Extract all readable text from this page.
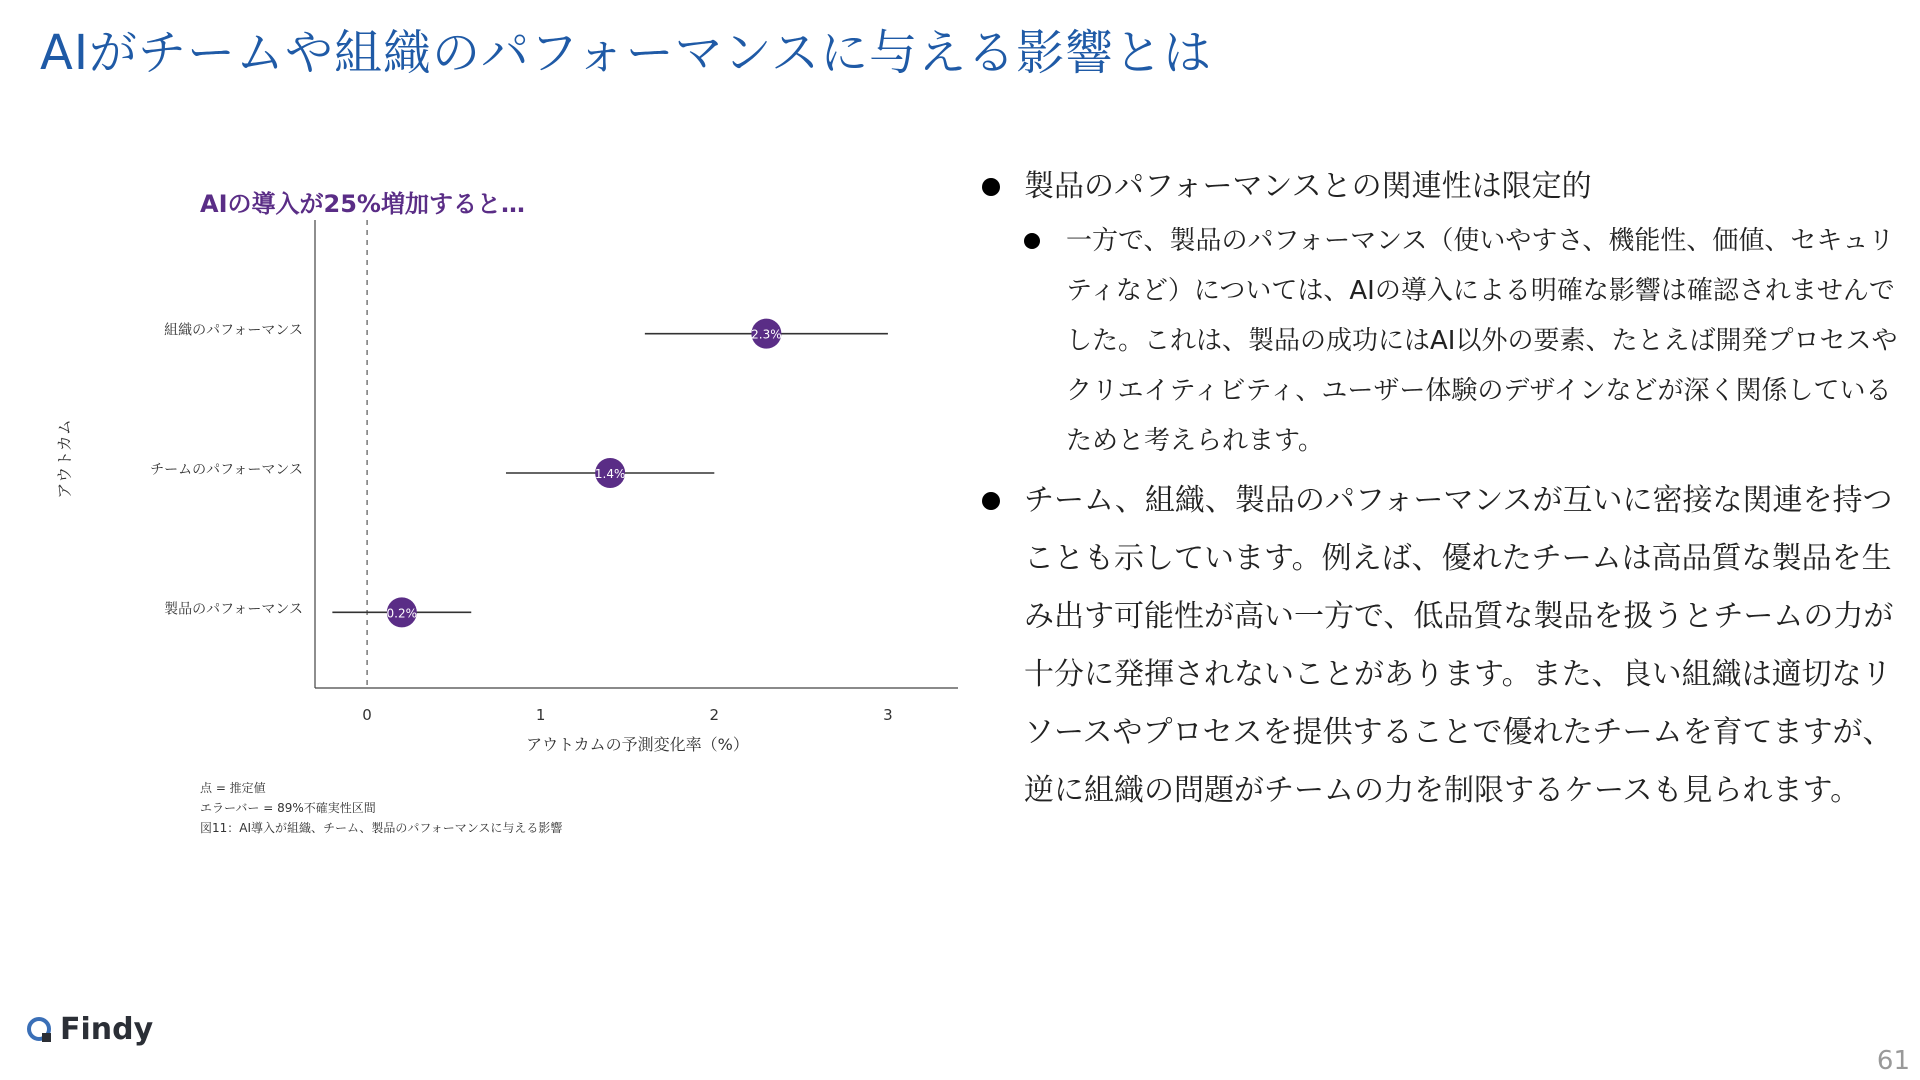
AIがチームや組織のパフォーマンスに与える影響とは
AIの導入が25%増加すると…
0	1	2	3
アウトカムの予測変化率（%）
アウトカム
組織のパフォーマンス	2.3%
チームのパフォーマンス	1.4%
製品のパフォーマンス	0.2%
点 = 推定値
エラーバー = 89%不確実性区間
図11：AI導入が組織、チーム、製品のパフォーマンスに与える影響
製品のパフォーマンスとの関連性は限定的
一方で、製品のパフォーマンス（使いやすさ、機能性、価値、セキュリティなど）については、AIの導入による明確な影響は確認されませんでした。これは、製品の成功にはAI以外の要素、たとえば開発プロセスやクリエイティビティ、ユーザー体験のデザインなどが深く関係しているためと考えられます。
チーム、組織、製品のパフォーマンスが互いに密接な関連を持つことも示しています。例えば、優れたチームは高品質な製品を生み出す可能性が高い一方で、低品質な製品を扱うとチームの力が十分に発揮されないことがあります。また、良い組織は適切なリソースやプロセスを提供することで優れたチームを育てますが、逆に組織の問題がチームの力を制限するケースも見られます。
Findy
61
